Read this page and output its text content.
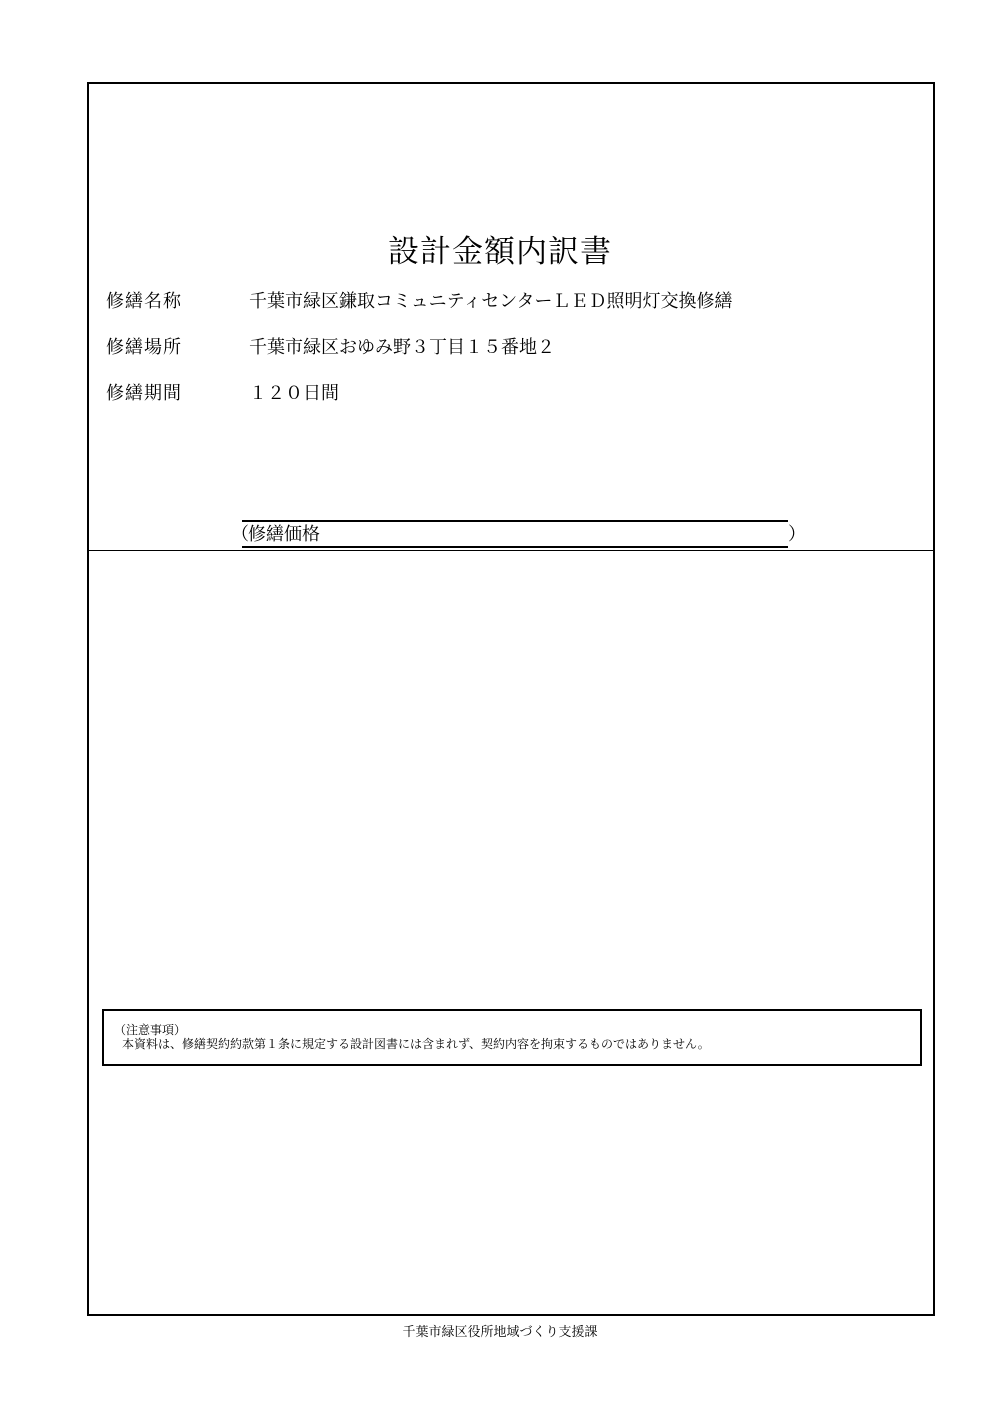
設計金額内訳書
修繕名称	千葉市緑区鎌取コミュニティセンターＬＥＤ照明灯交換修繕
修繕場所	千葉市緑区おゆみ野３丁目１５番地２
修繕期間	１２０日間
（ 修繕価格	）
（注意事項）
本資料は、修繕契約約款第１条に規定する設計図書には含まれず、契約内容を拘束するものではありません。
千葉市緑区役所地域づくり支援課
